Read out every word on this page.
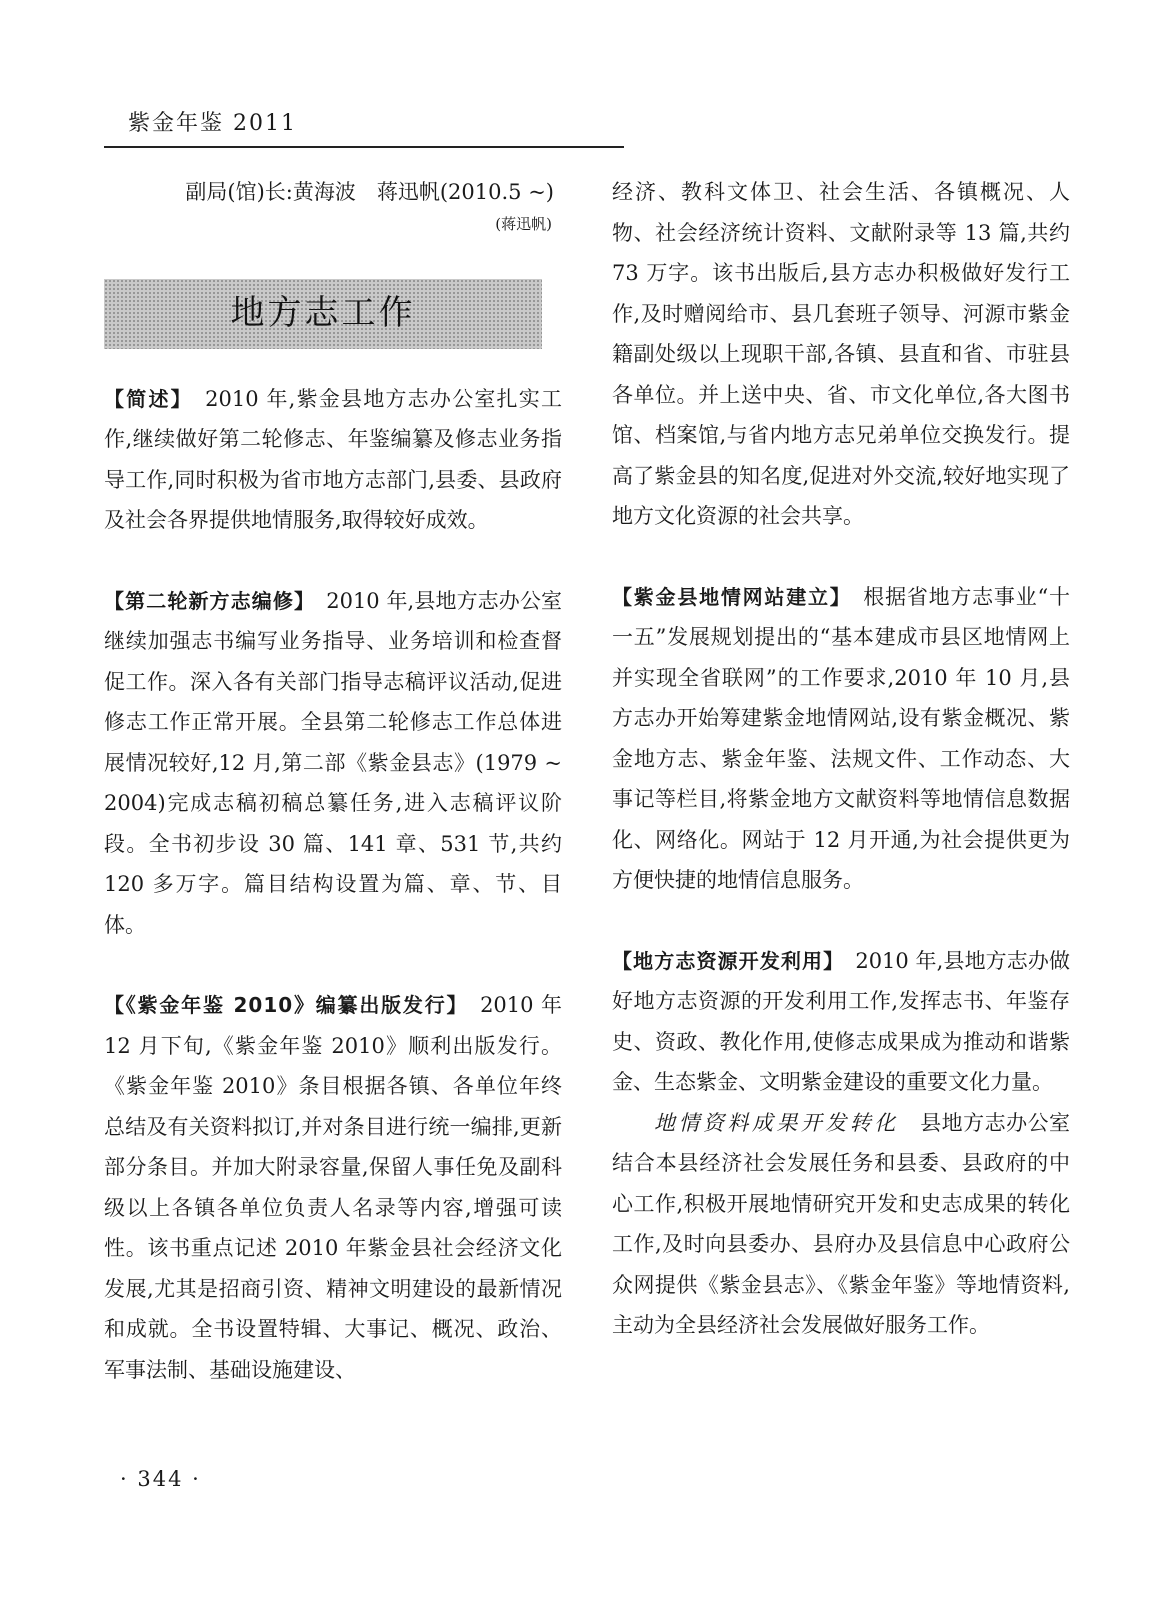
紫金年鉴 2011
副局(馆)长:黄海波　蒋迅帆(2010.5 ~)
(蒋迅帆)
地方志工作

【简述】　2010 年,紫金县地方志办公室扎实工作,继续做好第二轮修志、年鉴编纂及修志业务指导工作,同时积极为省市地方志部门,县委、县政府及社会各界提供地情服务,取得较好成效。

【第二轮新方志编修】　2010 年,县地方志办公室继续加强志书编写业务指导、业务培训和检查督促工作。深入各有关部门指导志稿评议活动,促进修志工作正常开展。全县第二轮修志工作总体进展情况较好,12 月,第二部《紫金县志》(1979 ~ 2004)完成志稿初稿总纂任务,进入志稿评议阶段。全书初步设 30 篇、141 章、531 节,共约 120 多万字。篇目结构设置为篇、章、节、目体。

【《紫金年鉴 2010》编纂出版发行】　2010 年 12 月下旬,《紫金年鉴 2010》顺利出版发行。《紫金年鉴 2010》条目根据各镇、各单位年终总结及有关资料拟订,并对条目进行统一编排,更新部分条目。并加大附录容量,保留人事任免及副科级以上各镇各单位负责人名录等内容,增强可读性。该书重点记述 2010 年紫金县社会经济文化发展,尤其是招商引资、精神文明建设的最新情况和成就。全书设置特辑、大事记、概况、政治、军事法制、基础设施建设、

经济、教科文体卫、社会生活、各镇概况、人物、社会经济统计资料、文献附录等 13 篇,共约 73 万字。该书出版后,县方志办积极做好发行工作,及时赠阅给市、县几套班子领导、河源市紫金籍副处级以上现职干部,各镇、县直和省、市驻县各单位。并上送中央、省、市文化单位,各大图书馆、档案馆,与省内地方志兄弟单位交换发行。提高了紫金县的知名度,促进对外交流,较好地实现了地方文化资源的社会共享。

【紫金县地情网站建立】　根据省地方志事业“十一五”发展规划提出的“基本建成市县区地情网上并实现全省联网”的工作要求,2010 年 10 月,县方志办开始筹建紫金地情网站,设有紫金概况、紫金地方志、紫金年鉴、法规文件、工作动态、大事记等栏目,将紫金地方文献资料等地情信息数据化、网络化。网站于 12 月开通,为社会提供更为方便快捷的地情信息服务。

【地方志资源开发利用】　2010 年,县地方志办做好地方志资源的开发利用工作,发挥志书、年鉴存史、资政、教化作用,使修志成果成为推动和谐紫金、生态紫金、文明紫金建设的重要文化力量。

地情资料成果开发转化　县地方志办公室结合本县经济社会发展任务和县委、县政府的中心工作,积极开展地情研究开发和史志成果的转化工作,及时向县委办、县府办及县信息中心政府公众网提供《紫金县志》、《紫金年鉴》等地情资料,主动为全县经济社会发展做好服务工作。

· 344 ·
